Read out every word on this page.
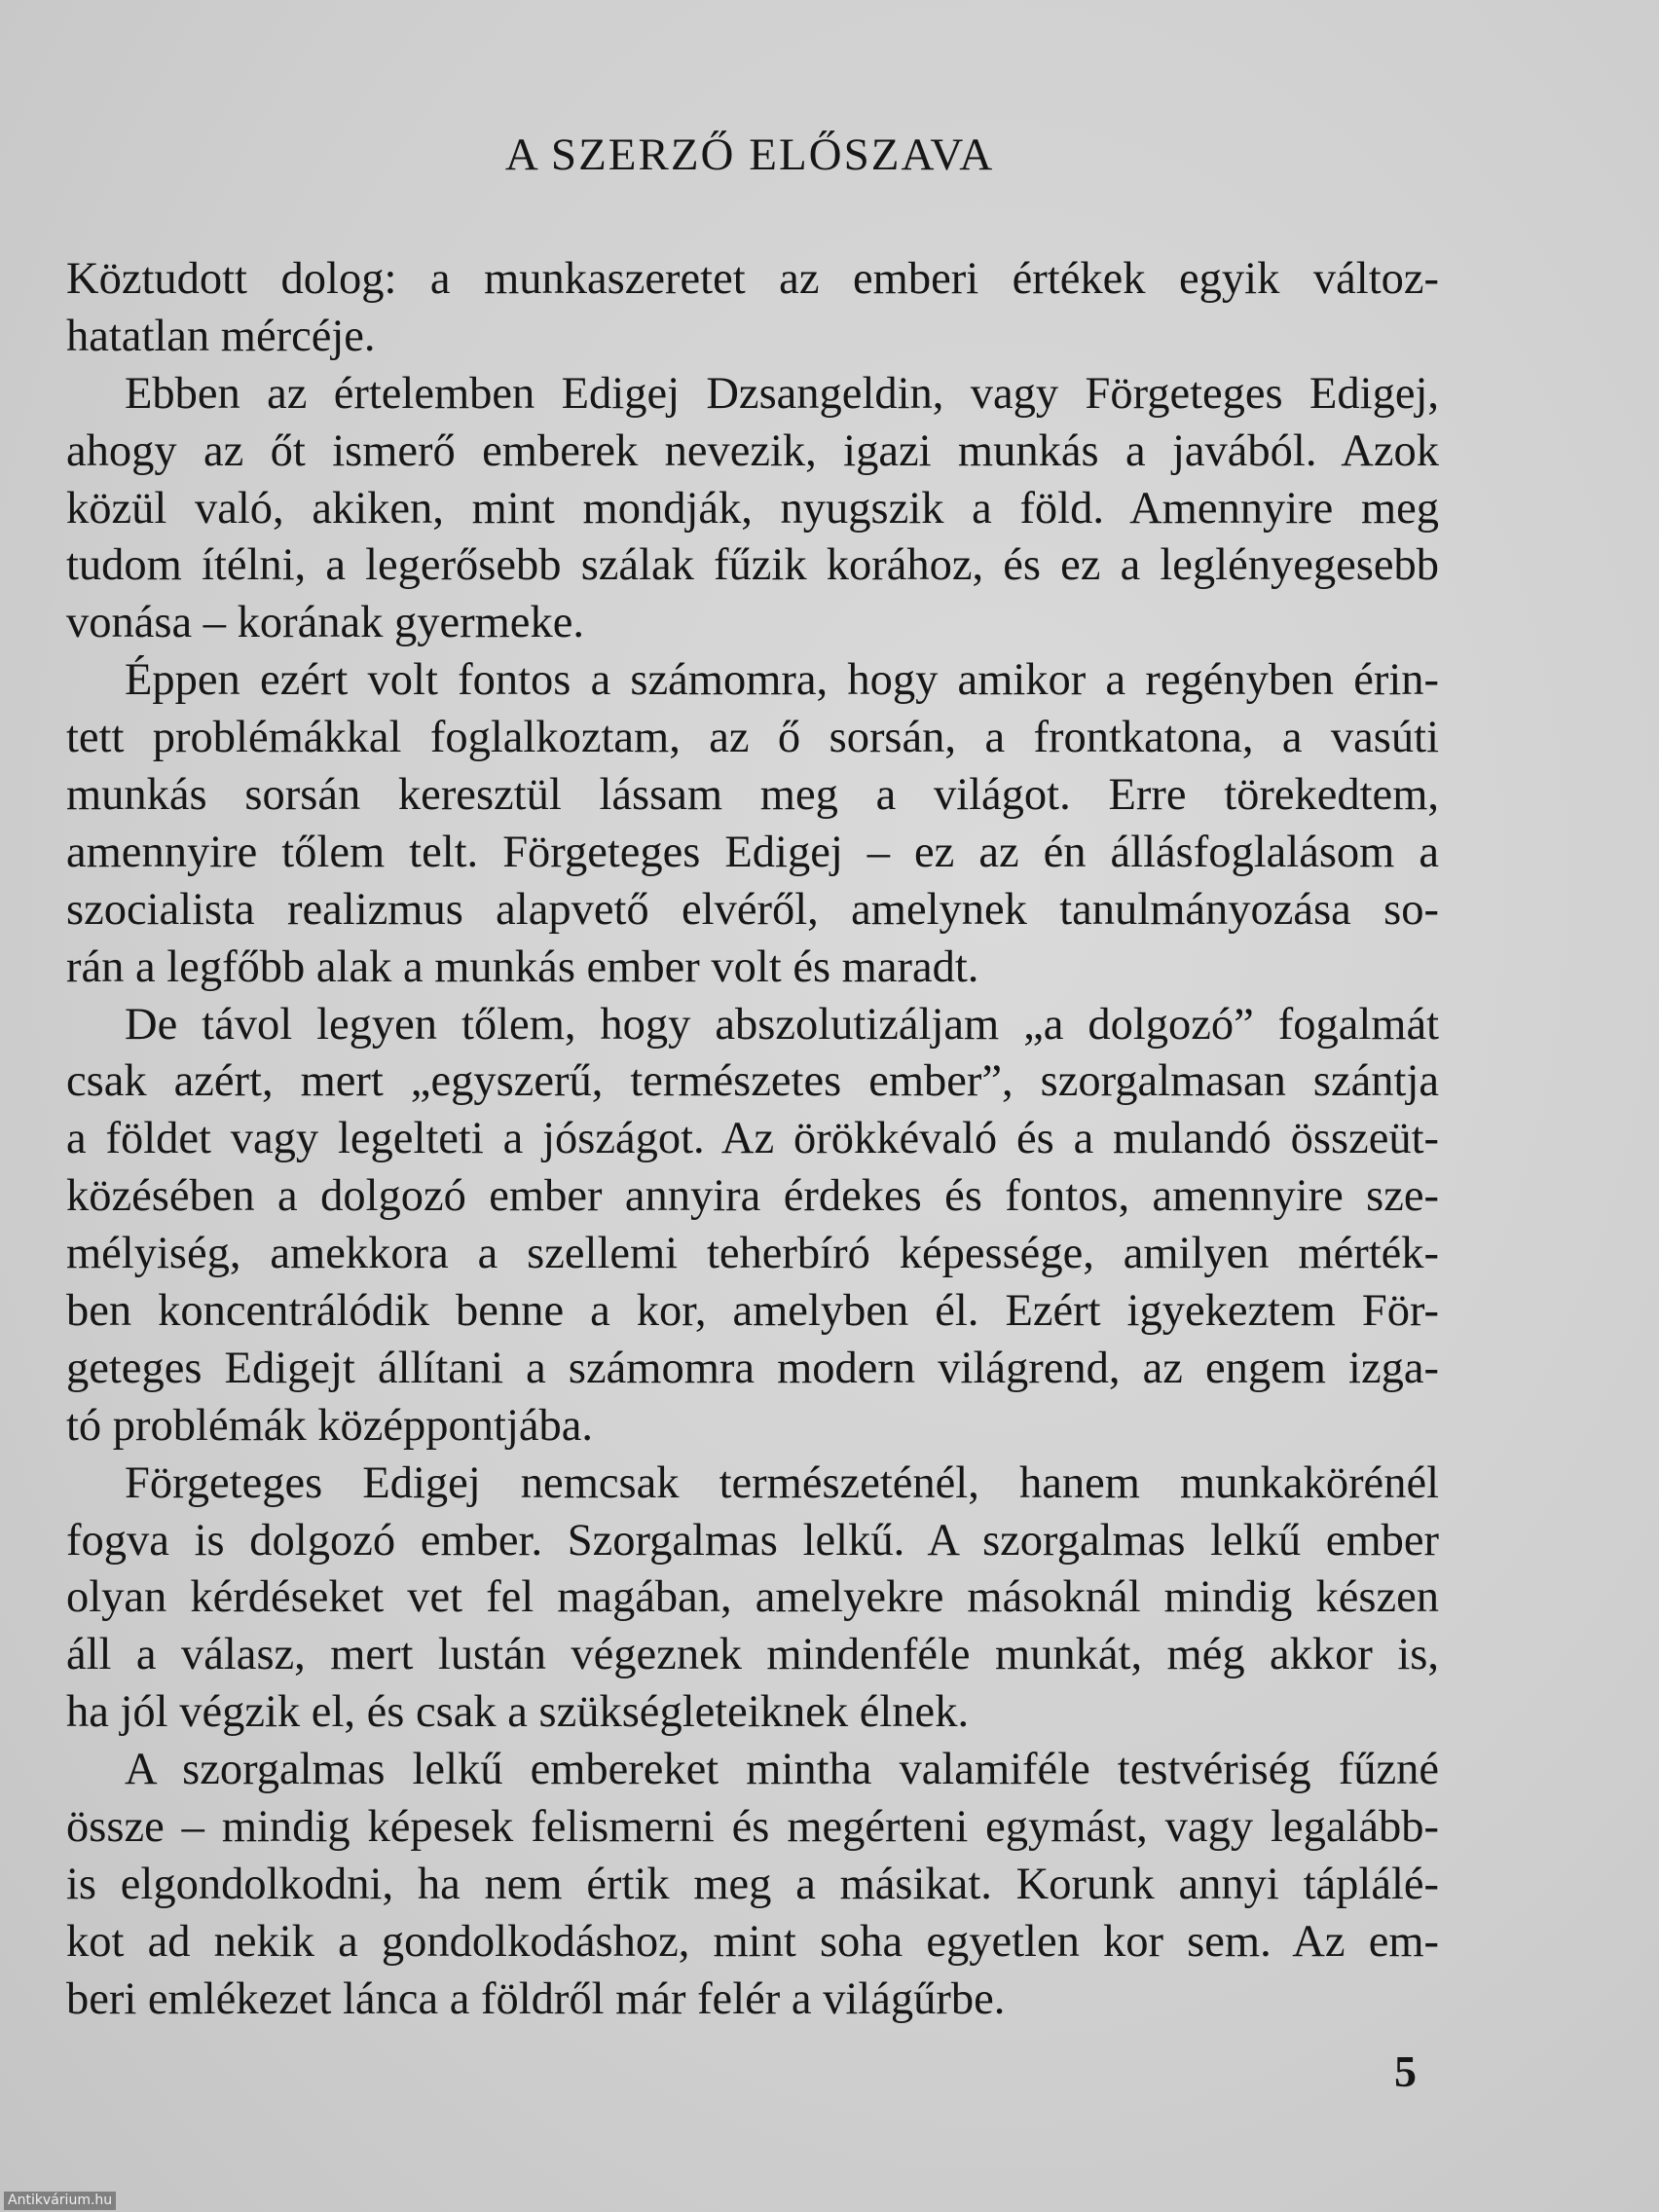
A SZERZŐ ELŐSZAVA
Köztudott dolog: a munkaszeretet az emberi értékek egyik változ-
hatatlan mércéje.
Ebben az értelemben Edigej Dzsangeldin, vagy Förgeteges Edigej,
ahogy az őt ismerő emberek nevezik, igazi munkás a javából. Azok
közül való, akiken, mint mondják, nyugszik a föld. Amennyire meg
tudom ítélni, a legerősebb szálak fűzik korához, és ez a leglényegesebb
vonása – korának gyermeke.
Éppen ezért volt fontos a számomra, hogy amikor a regényben érin-
tett problémákkal foglalkoztam, az ő sorsán, a frontkatona, a vasúti
munkás sorsán keresztül lássam meg a világot. Erre törekedtem,
amennyire tőlem telt. Förgeteges Edigej – ez az én állásfoglalásom a
szocialista realizmus alapvető elvéről, amelynek tanulmányozása so-
rán a legfőbb alak a munkás ember volt és maradt.
De távol legyen tőlem, hogy abszolutizáljam „a dolgozó” fogalmát
csak azért, mert „egyszerű, természetes ember”, szorgalmasan szántja
a földet vagy legelteti a jószágot. Az örökkévaló és a mulandó összeüt-
közésében a dolgozó ember annyira érdekes és fontos, amennyire sze-
mélyiség, amekkora a szellemi teherbíró képessége, amilyen mérték-
ben koncentrálódik benne a kor, amelyben él. Ezért igyekeztem För-
geteges Edigejt állítani a számomra modern világrend, az engem izga-
tó problémák középpontjába.
Förgeteges Edigej nemcsak természeténél, hanem munkakörénél
fogva is dolgozó ember. Szorgalmas lelkű. A szorgalmas lelkű ember
olyan kérdéseket vet fel magában, amelyekre másoknál mindig készen
áll a válasz, mert lustán végeznek mindenféle munkát, még akkor is,
ha jól végzik el, és csak a szükségleteiknek élnek.
A szorgalmas lelkű embereket mintha valamiféle testvériség fűzné
össze – mindig képesek felismerni és megérteni egymást, vagy legalább-
is elgondolkodni, ha nem értik meg a másikat. Korunk annyi táplálé-
kot ad nekik a gondolkodáshoz, mint soha egyetlen kor sem. Az em-
beri emlékezet lánca a földről már felér a világűrbe.
5
Antikvárium.hu
